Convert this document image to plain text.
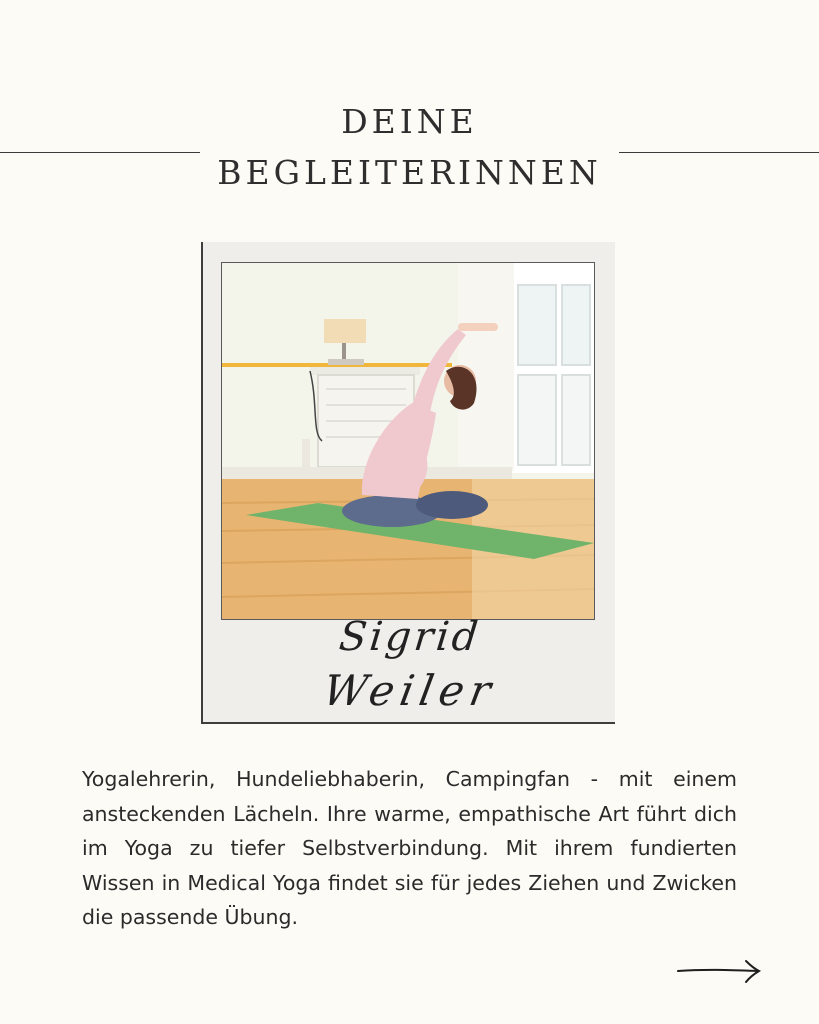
DEINE
BEGLEITERINNEN
Sigrid
Weiler

Yogalehrerin, Hundeliebhaberin, Campingfan - mit einem ansteckenden Lächeln. Ihre warme, empathische Art führt dich im Yoga zu tiefer Selbstverbindung. Mit ihrem fundierten Wissen in Medical Yoga findet sie für jedes Ziehen und Zwicken die passende Übung.
